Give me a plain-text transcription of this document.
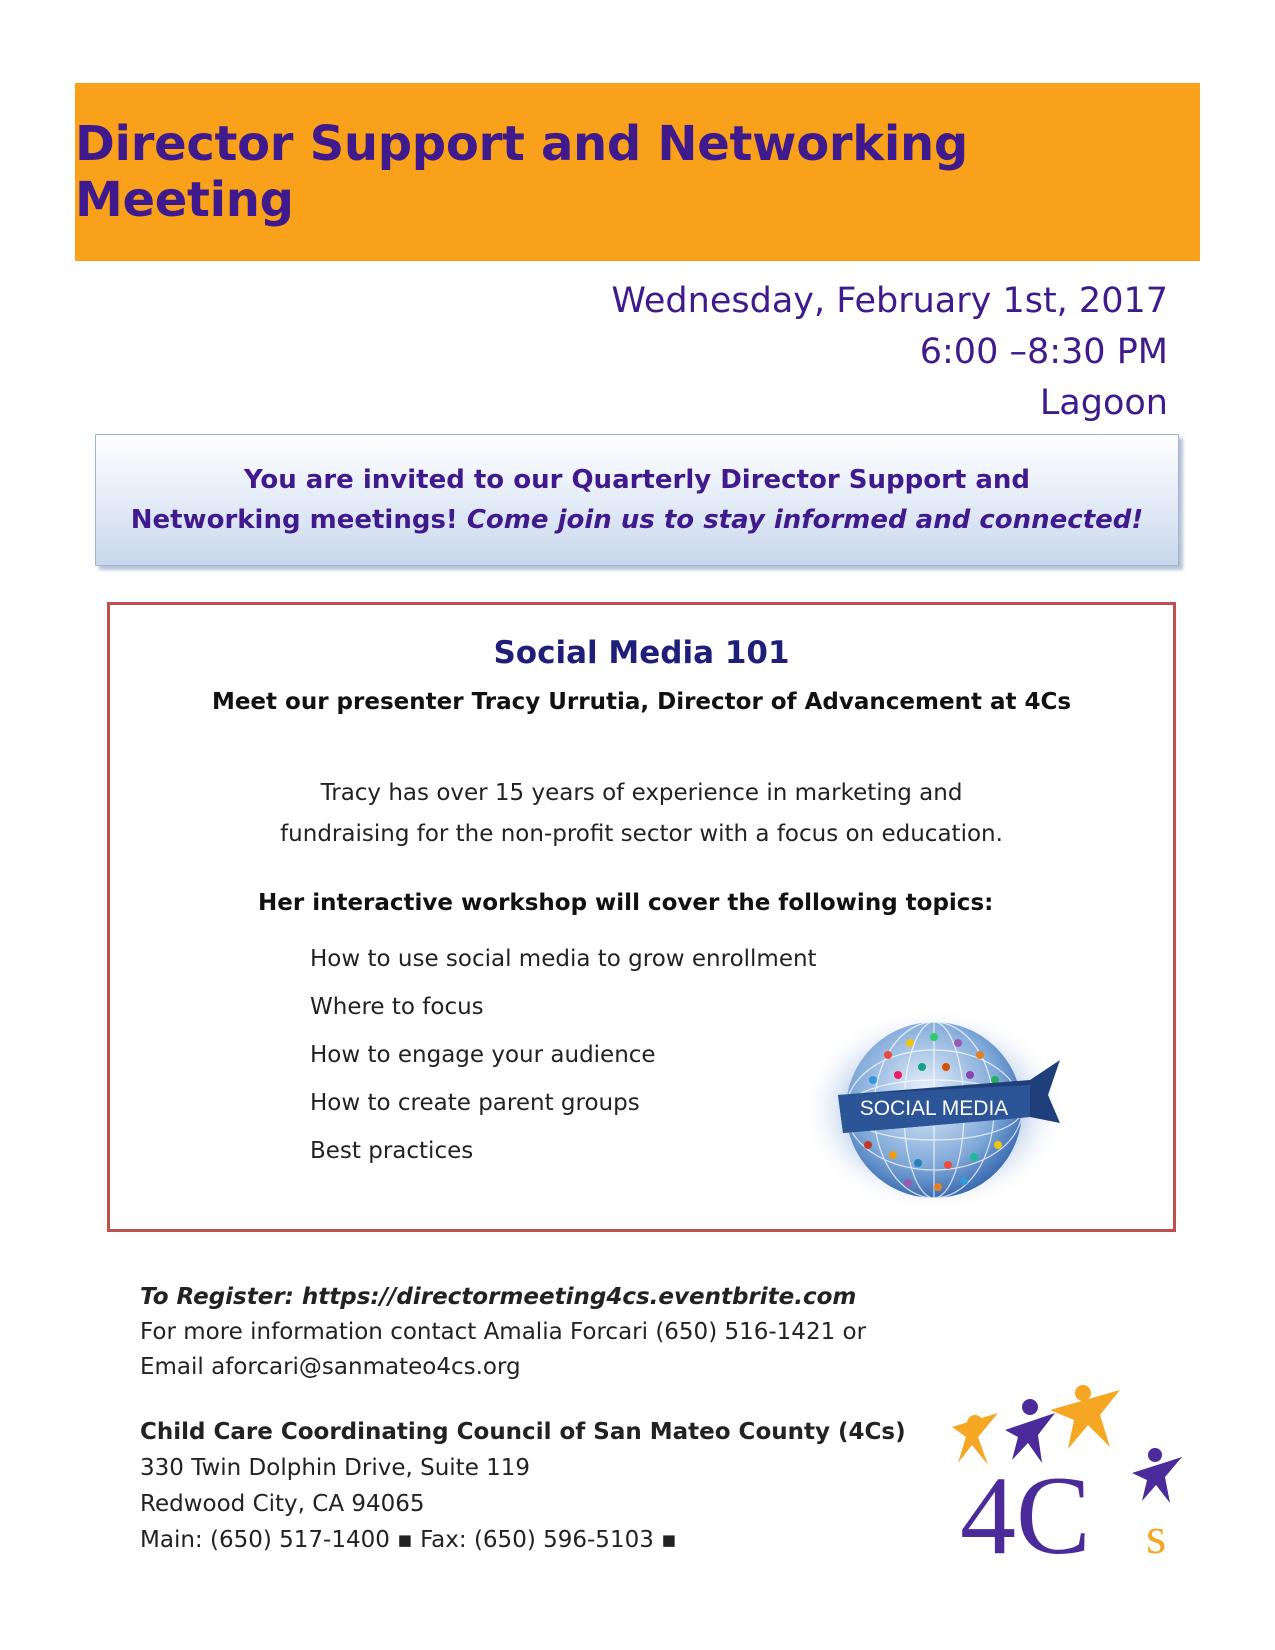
Director Support and Networking Meeting
Wednesday, February 1st, 2017
6:00 –8:30 PM
Lagoon
You are invited to our Quarterly Director Support and
Networking meetings! Come join us to stay informed and connected!
Social Media 101
Meet our presenter Tracy Urrutia, Director of Advancement at 4Cs
Tracy has over 15 years of experience in marketing and
fundraising for the non-profit sector with a focus on education.
Her interactive workshop will cover the following topics:
How to use social media to grow enrollment
Where to focus
How to engage your audience
How to create parent groups
Best practices
SOCIAL MEDIA
To Register: https://directormeeting4cs.eventbrite.com
For more information contact Amalia Forcari (650) 516-1421 or
Email aforcari@sanmateo4cs.org
Child Care Coordinating Council of San Mateo County (4Cs)
330 Twin Dolphin Drive, Suite 119
Redwood City, CA 94065
Main: (650) 517-1400 ▪ Fax: (650) 596-5103 ▪	4C s
